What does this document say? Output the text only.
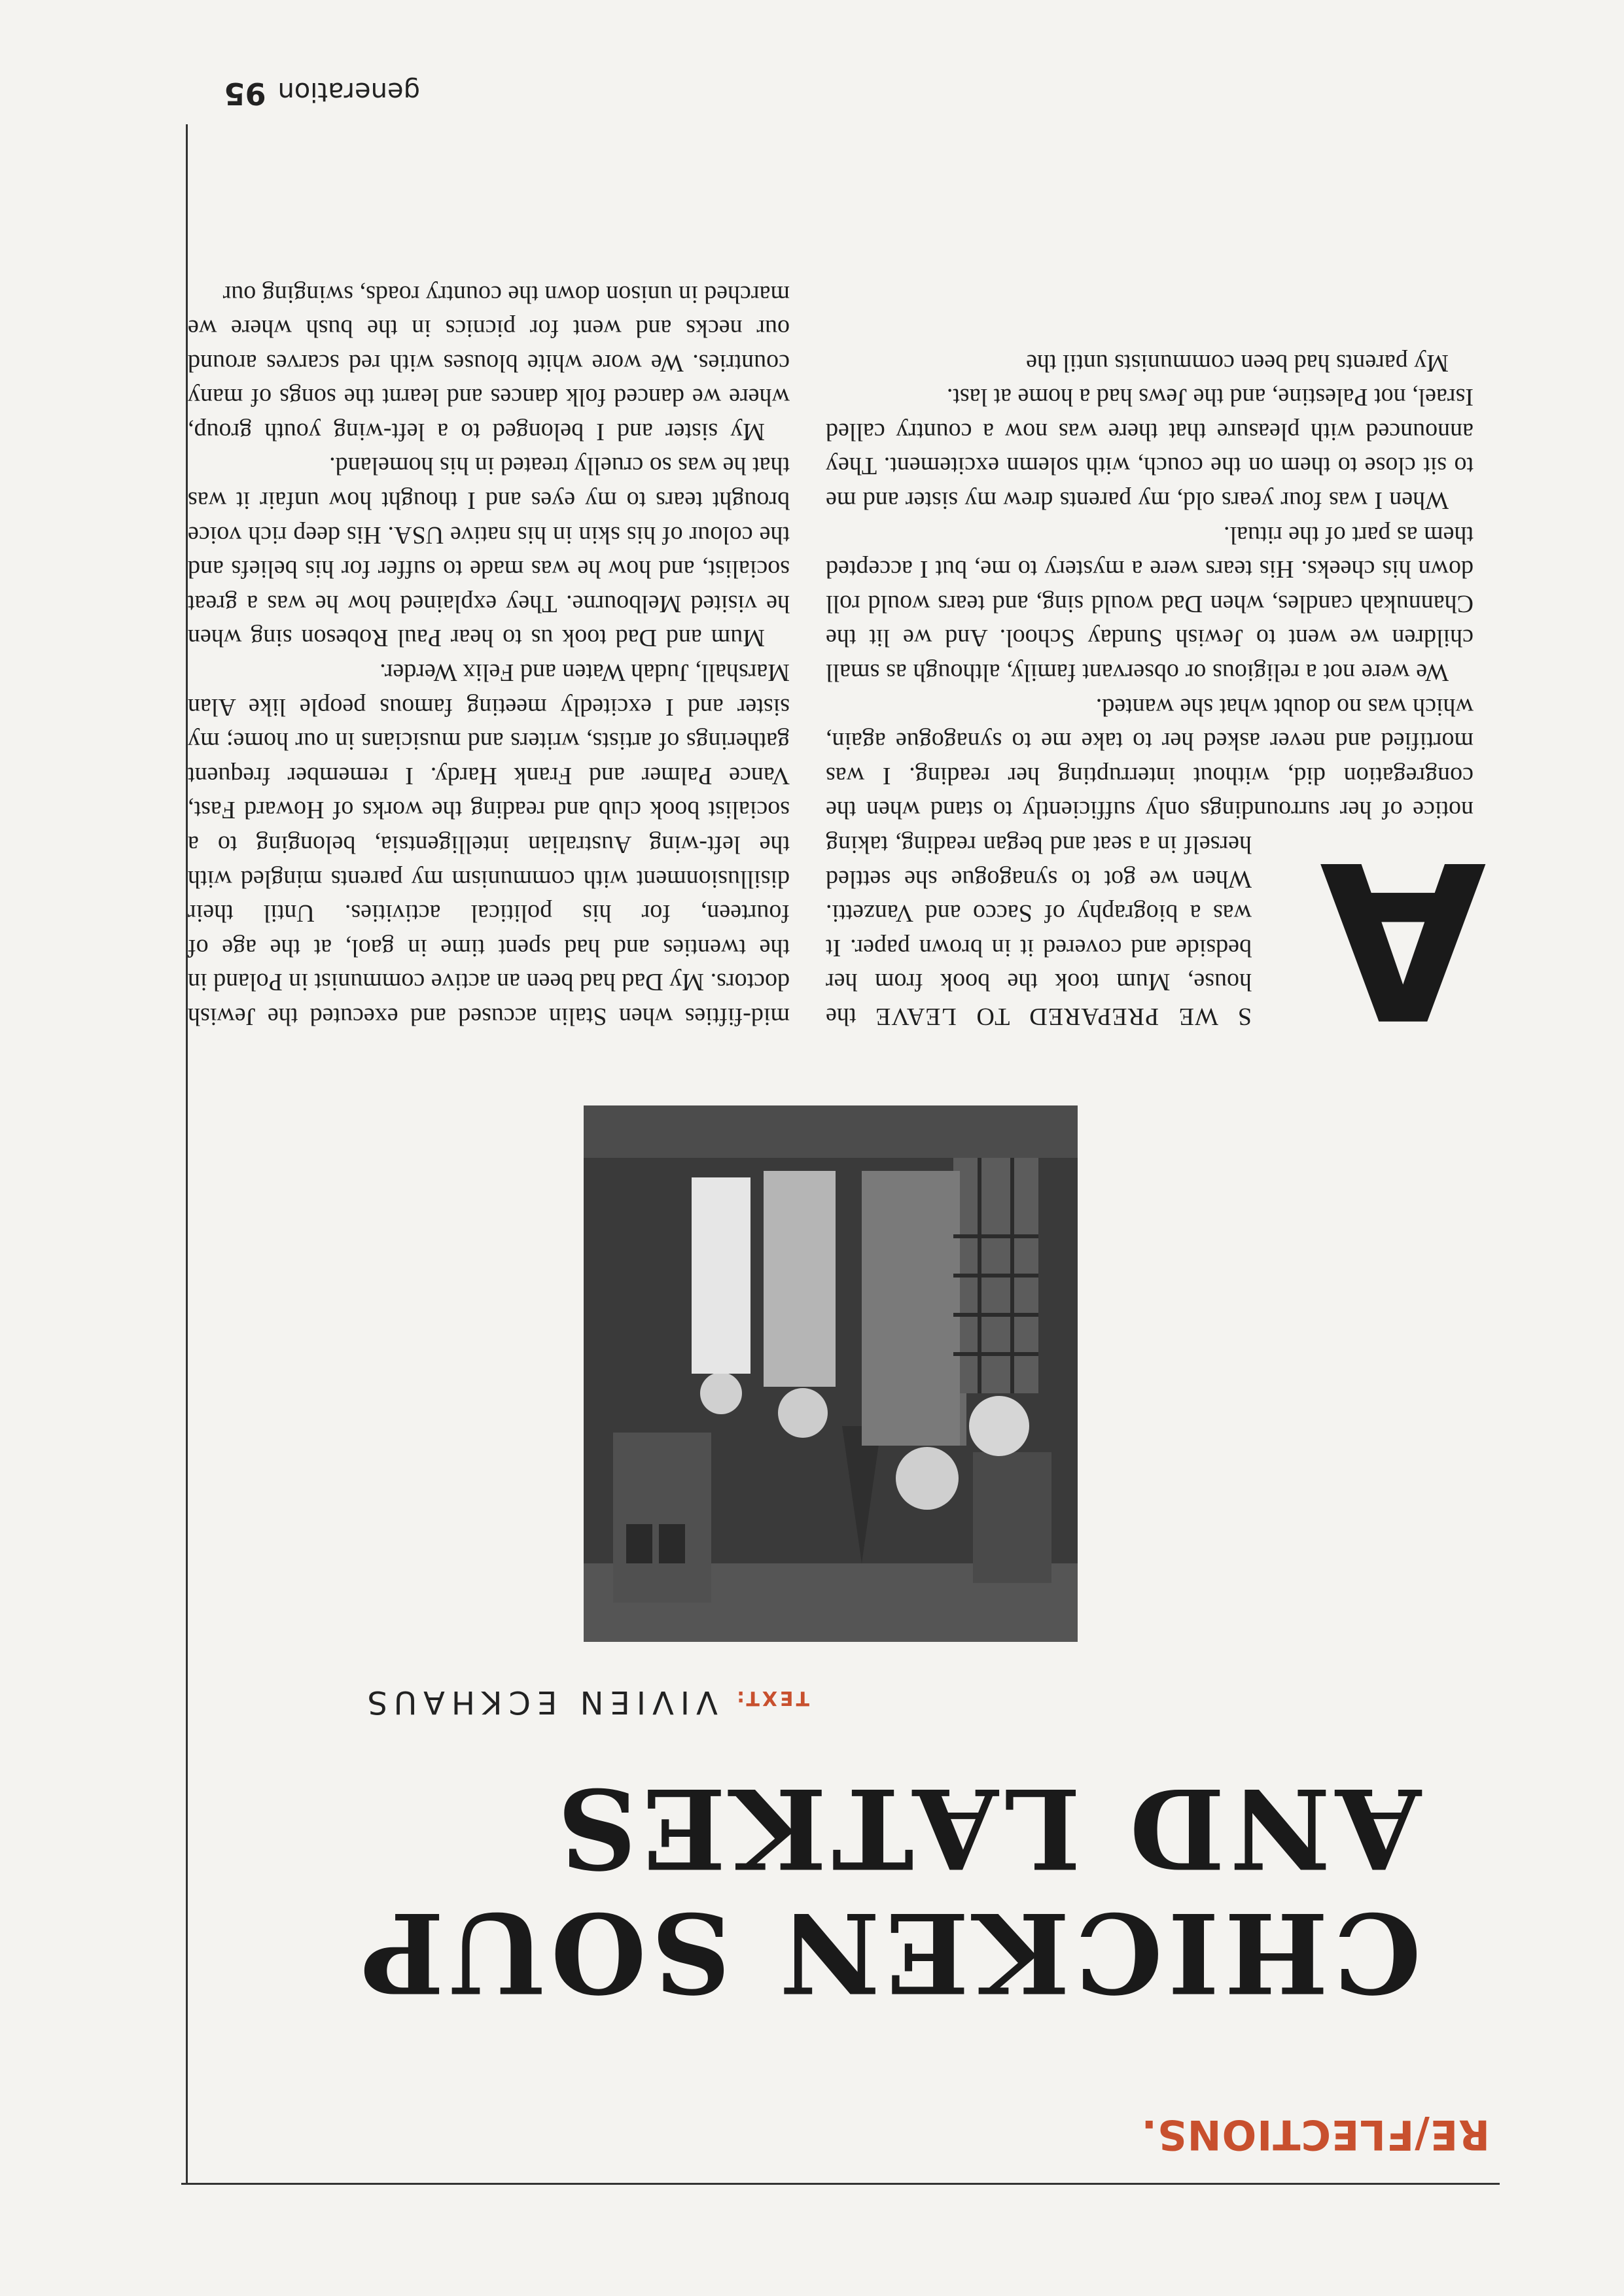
RE/FLECTIONS.
CHICKEN SOUP
AND LATKES
TEXT: VIVIEN ECKHAUS
A

S WE PREPARED TO LEAVE the house, Mum took the book from her bedside and covered it in brown paper. It was a biography of Sacco and Vanzetti. When we got to synagogue she settled herself in a seat and began reading, taking notice of her surroundings only sufficiently to stand when the congregation did, without interrupting her reading. I was mortified and never asked her to take me to synagogue again, which was no doubt what she wanted.

We were not a religious or observant family, although as small children we went to Jewish Sunday School. And we lit the Channukah candles, when Dad would sing, and tears would roll down his cheeks. His tears were a mystery to me, but I accepted them as part of the ritual.

When I was four years old, my parents drew my sister and me to sit close to them on the couch, with solemn excitement. They announced with pleasure that there was now a country called Israel, not Palestine, and the Jews had a home at last.

My parents had been communists until the

mid-fifties when Stalin accused and executed the Jewish doctors. My Dad had been an active communist in Poland in the twenties and had spent time in gaol, at the age of fourteen, for his political activities. Until their disillusionment with communism my parents mingled with the left-wing Australian intelligentsia, belonging to a socialist book club and reading the works of Howard Fast, Vance Palmer and Frank Hardy. I remember frequent gatherings of artists, writers and musicians in our home; my sister and I excitedly meeting famous people like Alan Marshall, Judah Waten and Felix Werder.

Mum and Dad took us to hear Paul Robeson sing when he visited Melbourne. They explained how he was a great socialist, and how he was made to suffer for his beliefs and the colour of his skin in his native USA. His deep rich voice brought tears to my eyes and I thought how unfair it was that he was so cruelly treated in his homeland.

My sister and I belonged to a left-wing youth group, where we danced folk dances and learnt the songs of many countries. We wore white blouses with red scarves around our necks and went for picnics in the bush where we marched in unison down the country roads, swinging our

generation95
